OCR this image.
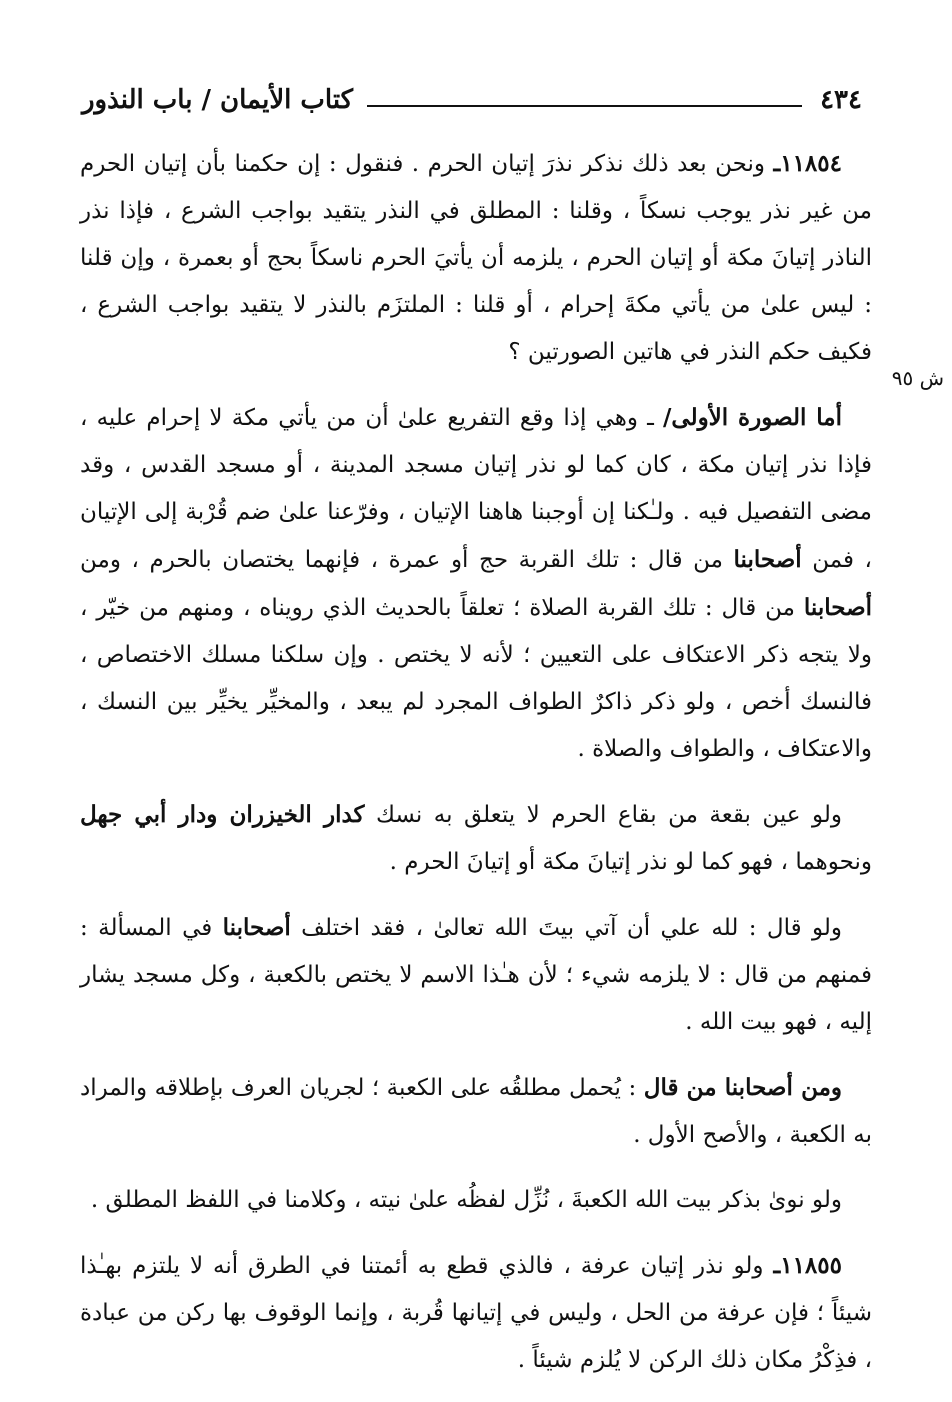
٤٣٤
كتاب الأيمان / باب النذور
ش ٩٥

١١٨٥٤ـ ونحن بعد ذلك نذكر نذرَ إتيان الحرم . فنقول : إن حكمنا بأن إتيان الحرم من غير نذر يوجب نسكاً ، وقلنا : المطلق في النذر يتقيد بواجب الشرع ، فإذا نذر الناذر إتيانَ مكة أو إتيان الحرم ، يلزمه أن يأتيَ الحرم ناسكاً بحج أو بعمرة ، وإن قلنا : ليس علىٰ من يأتي مكةَ إحرام ، أو قلنا : الملتزَم بالنذر لا يتقيد بواجب الشرع ، فكيف حكم النذر في هاتين الصورتين ؟

أما الصورة الأولى/ ـ وهي إذا وقع التفريع علىٰ أن من يأتي مكة لا إحرام عليه ، فإذا نذر إتيان مكة ، كان كما لو نذر إتيان مسجد المدينة ، أو مسجد القدس ، وقد مضى التفصيل فيه . ولـٰكنا إن أوجبنا هاهنا الإتيان ، وفرّعنا علىٰ ضم قُرْبة إلى الإتيان ، فمن أصحابنا من قال : تلك القربة حج أو عمرة ، فإنهما يختصان بالحرم ، ومن أصحابنا من قال : تلك القربة الصلاة ؛ تعلقاً بالحديث الذي رويناه ، ومنهم من خيّر ، ولا يتجه ذكر الاعتكاف على التعيين ؛ لأنه لا يختص . وإن سلكنا مسلك الاختصاص ، فالنسك أخص ، ولو ذكر ذاكرٌ الطواف المجرد لم يبعد ، والمخيِّر يخيِّر بين النسك ، والاعتكاف ، والطواف والصلاة .

ولو عين بقعة من بقاع الحرم لا يتعلق به نسك كدار الخيزران ودار أبي جهل ونحوهما ، فهو كما لو نذر إتيانَ مكة أو إتيانَ الحرم .

ولو قال : لله علي أن آتي بيتَ الله تعالىٰ ، فقد اختلف أصحابنا في المسألة : فمنهم من قال : لا يلزمه شيء ؛ لأن هـٰذا الاسم لا يختص بالكعبة ، وكل مسجد يشار إليه ، فهو بيت الله .

ومن أصحابنا من قال : يُحمل مطلقُه على الكعبة ؛ لجريان العرف بإطلاقه والمراد به الكعبة ، والأصح الأول .

ولو نوىٰ بذكر بيت الله الكعبةَ ، نُزِّل لفظُه علىٰ نيته ، وكلامنا في اللفظ المطلق .

١١٨٥٥ـ ولو نذر إتيان عرفة ، فالذي قطع به أئمتنا في الطرق أنه لا يلتزم بهـٰذا شيئاً ؛ فإن عرفة من الحل ، وليس في إتيانها قُربة ، وإنما الوقوف بها ركن من عبادة ، فذِكْرُ مكان ذلك الركن لا يُلزم شيئاً .
